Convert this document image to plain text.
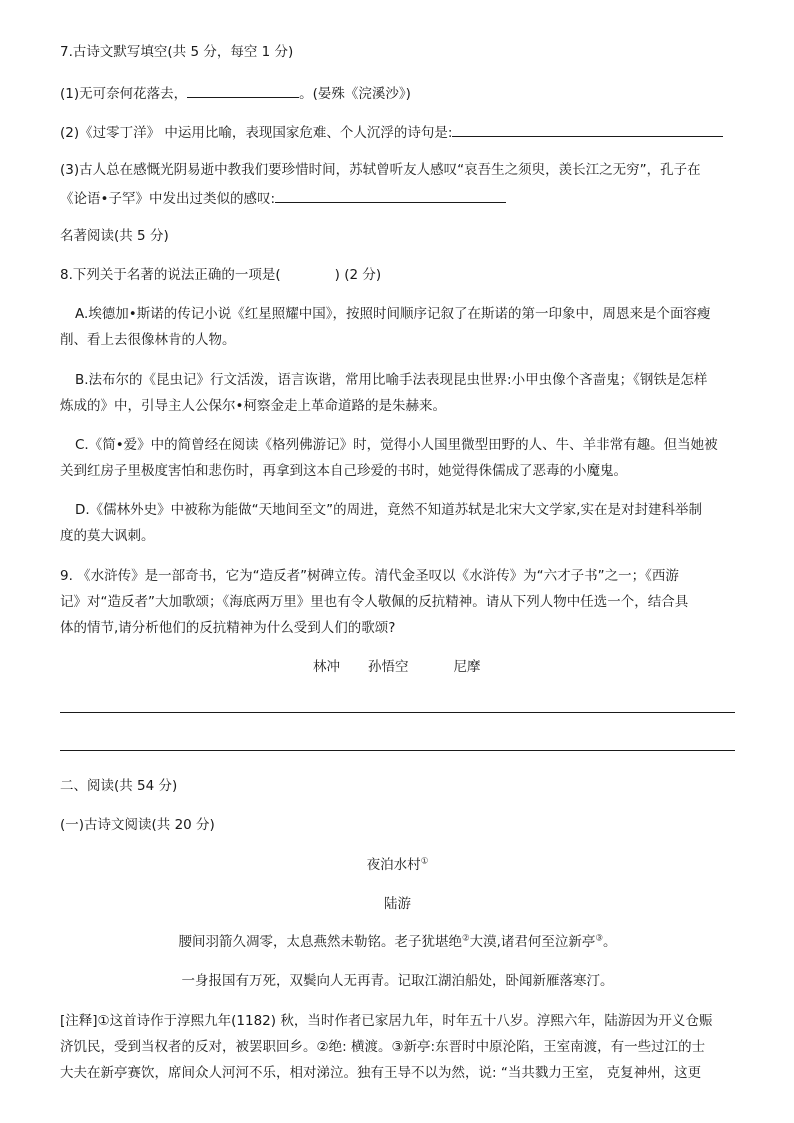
7.古诗文默写填空(共 5 分，每空 1 分)
(1)无可奈何花落去，	。(晏殊《浣溪沙》)
(2)《过零丁洋》 中运用比喻，表现国家危难、个人沉浮的诗句是:
(3)古人总在感慨光阴易逝中教我们要珍惜时间，苏轼曾听友人感叹“哀吾生之须臾，羡长江之无穷”，孔子在
《论语•子罕》中发出过类似的感叹:
名著阅读(共 5 分)
8.下列关于名著的说法正确的一项是(　　　　) (2 分)
A.埃德加•斯诺的传记小说《红星照耀中国》，按照时间顺序记叙了在斯诺的第一印象中，周恩来是个面容瘦
削、看上去很像林肯的人物。
B.法布尔的《昆虫记》行文活泼，语言诙谐，常用比喻手法表现昆虫世界:小甲虫像个吝啬鬼；《钢铁是怎样
炼成的》中，引导主人公保尔•柯察金走上革命道路的是朱赫来。
C.《简•爱》中的简曾经在阅读《格列佛游记》时，觉得小人国里微型田野的人、牛、羊非常有趣。但当她被
关到红房子里极度害怕和悲伤时，再拿到这本自己珍爱的书时，她觉得侏儒成了恶毒的小魔鬼。
D.《儒林外史》中被称为能做“天地间至文”的周进，竟然不知道苏轼是北宋大文学家,实在是对封建科举制
度的莫大讽刺。
9. 《水浒传》是一部奇书，它为“造反者”树碑立传。清代金圣叹以《水浒传》为“六才子书”之一；《西游
记》对“造反者”大加歌颂；《海底两万里》里也有令人敬佩的反抗精神。请从下列人物中任选一个，结合具
体的情节,请分析他们的反抗精神为什么受到人们的歌颂?
林冲 孙悟空	尼摩
二、阅读(共 54 分)
(一)古诗文阅读(共 20 分)
夜泊水村①
陆游
腰间羽箭久凋零，太息燕然未勒铭。老子犹堪绝②大漠,诸君何至泣新亭③。
一身报国有万死，双鬓向人无再青。记取江湖泊船处，卧闻新雁落寒汀。
[注释]①这首诗作于淳熙九年(1182) 秋，当时作者已家居九年，时年五十八岁。淳熙六年，陆游因为开义仓赈
济饥民，受到当权者的反对，被罢职回乡。②绝: 横渡。③新亭:东晋时中原沦陷，王室南渡，有一些过江的士
大夫在新亭赛饮，席间众人河河不乐，相对涕泣。独有王导不以为然，说: “当共戮力王室， 克复神州，这更
